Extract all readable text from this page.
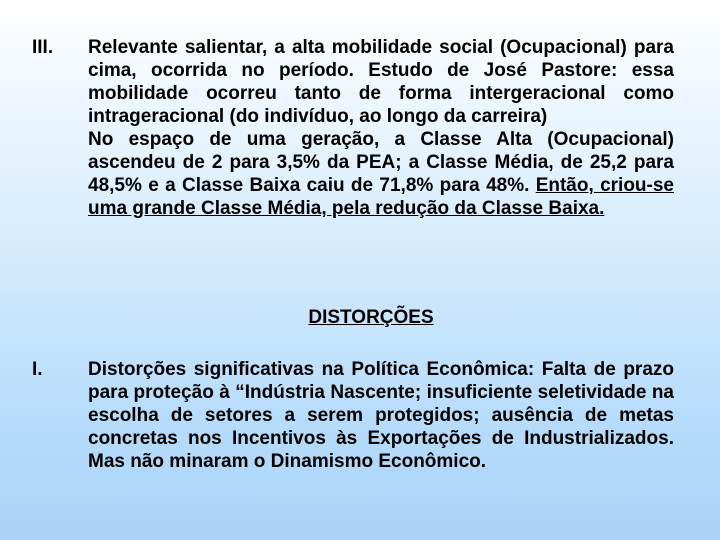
III. Relevante salientar, a alta mobilidade social (Ocupacional) para cima, ocorrida no período. Estudo de José Pastore: essa mobilidade ocorreu tanto de forma intergeracional como intrageracional (do indivíduo, ao longo da carreira)

No espaço de uma geração, a Classe Alta (Ocupacional) ascendeu de 2 para 3,5% da PEA; a Classe Média, de 25,2 para 48,5% e a Classe Baixa caiu de 71,8% para 48%. Então, criou-se uma grande Classe Média, pela redução da Classe Baixa.

DISTORÇÕES
I. Distorções significativas na Política Econômica: Falta de prazo para proteção à “Indústria Nascente; insuficiente seletividade na escolha de setores a serem protegidos; ausência de metas concretas nos Incentivos às Exportações de Industrializados. Mas não minaram o Dinamismo Econômico.
